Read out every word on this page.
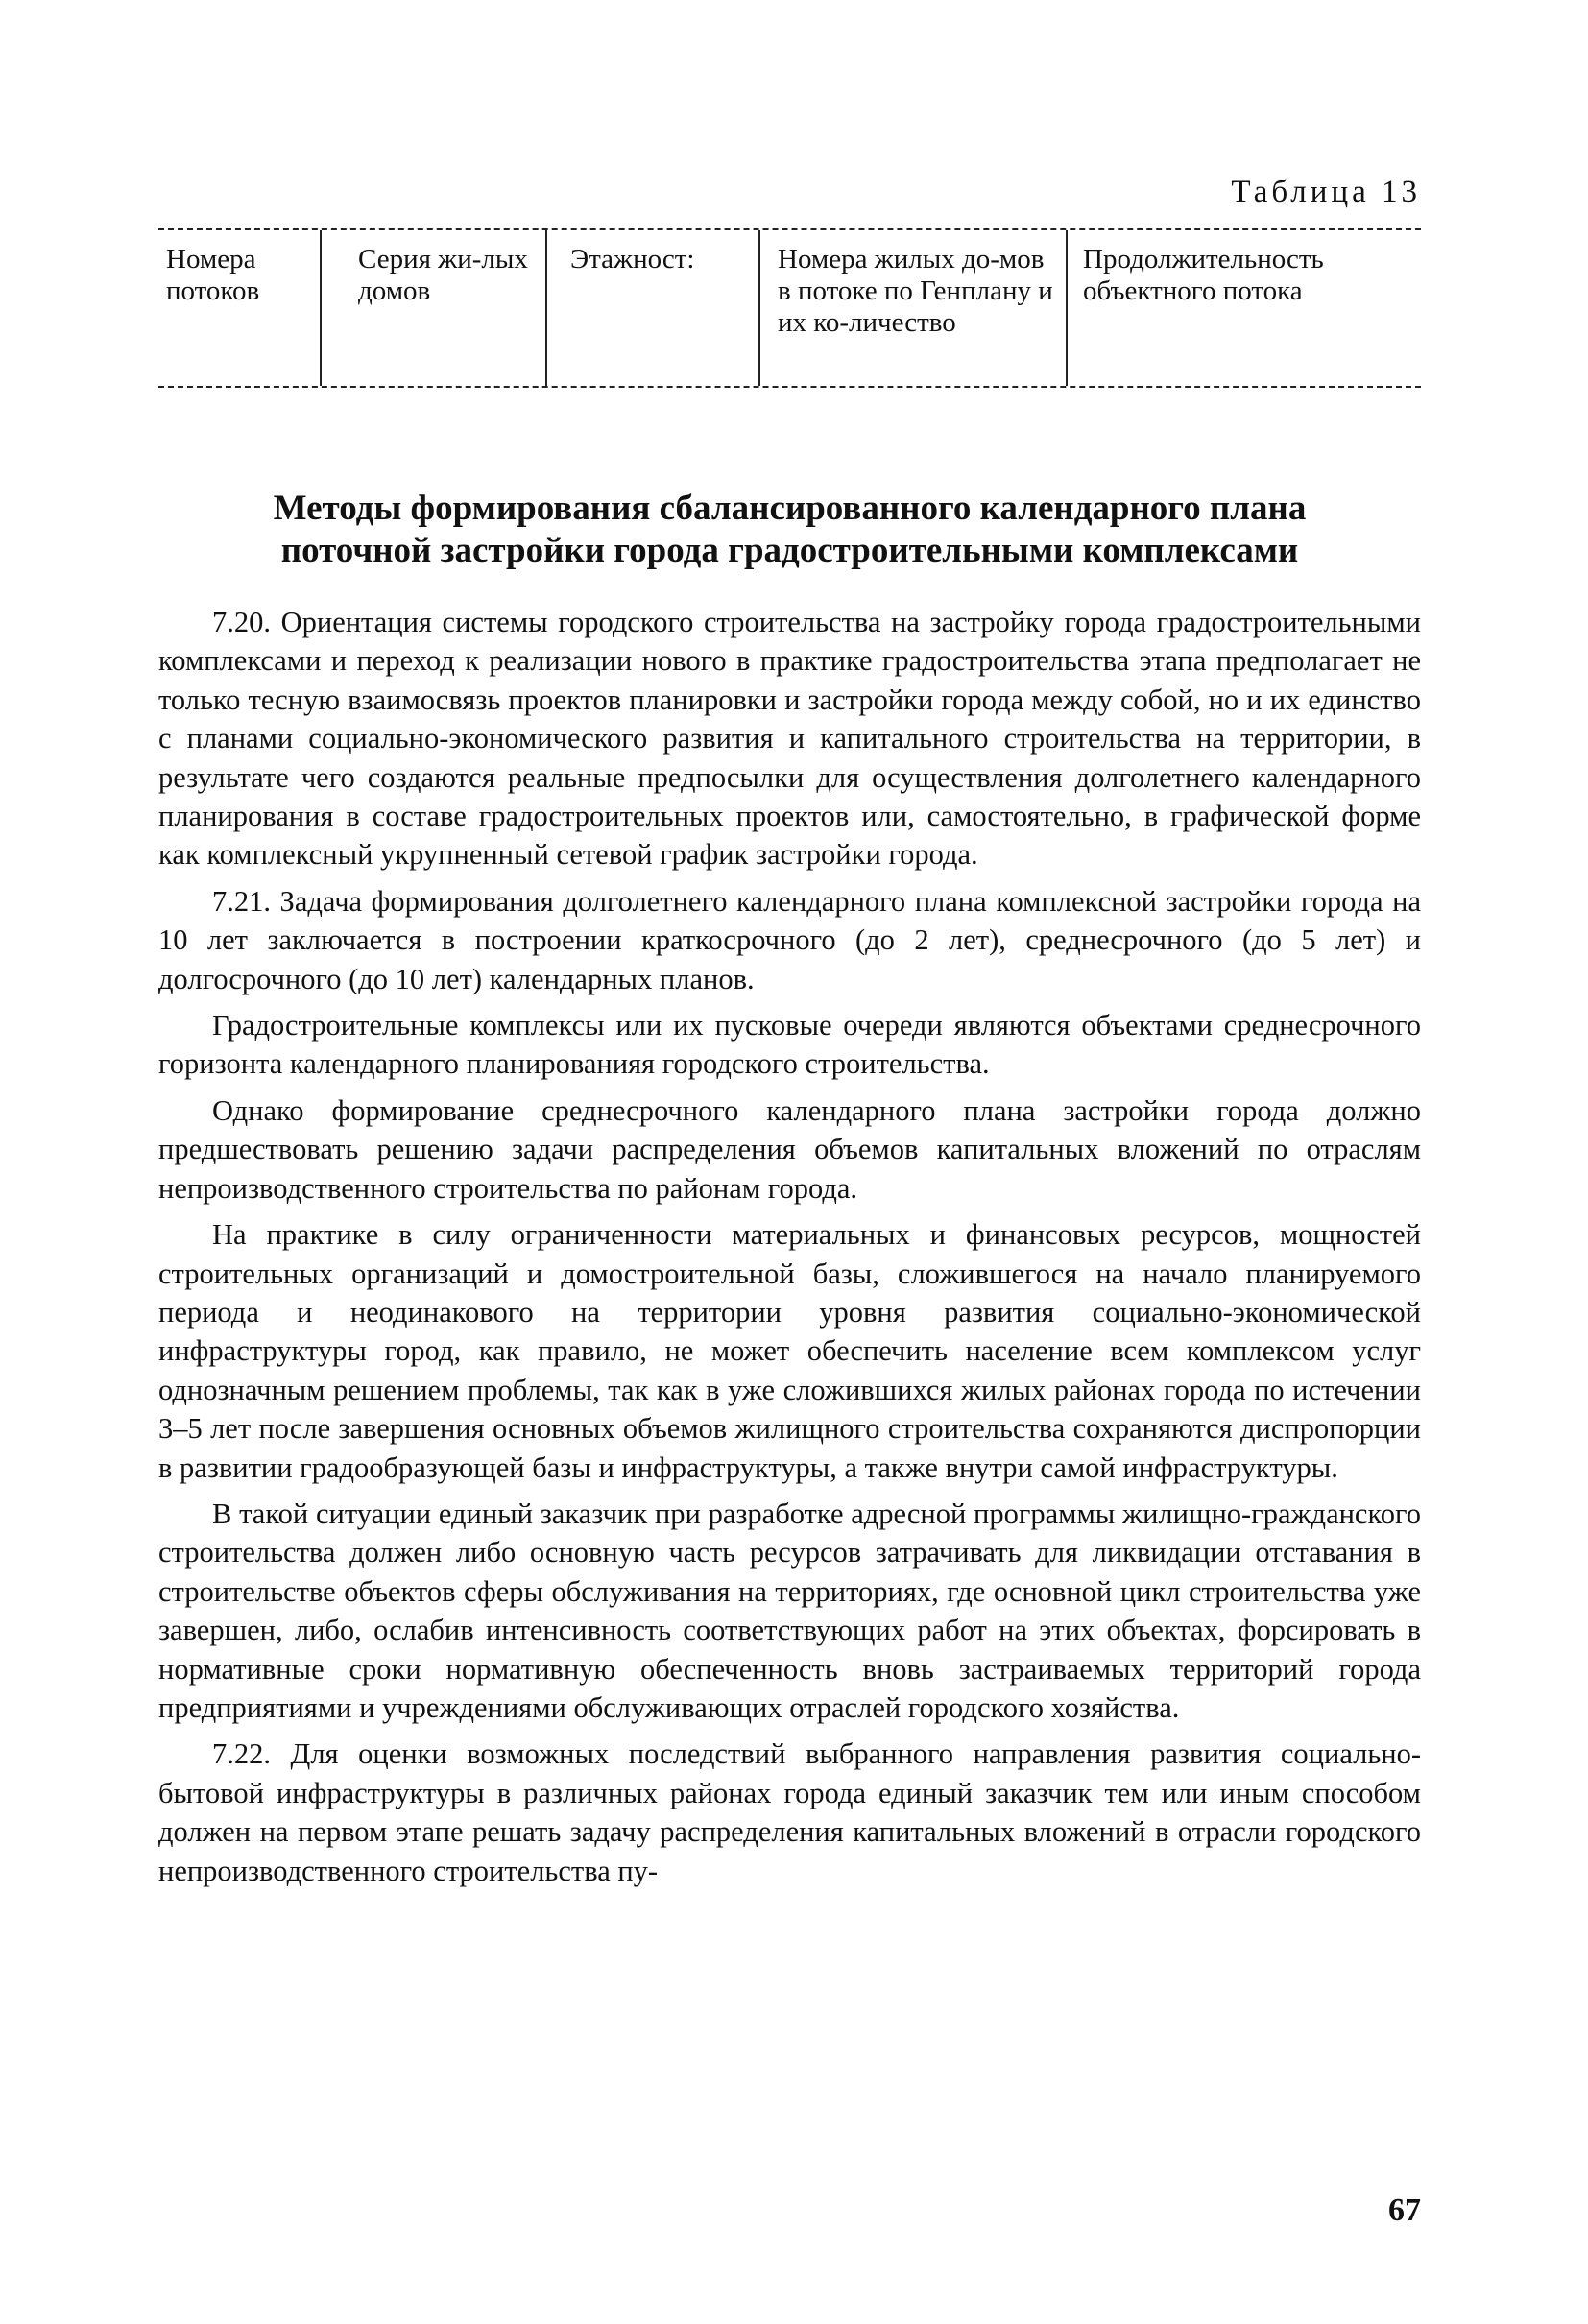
Таблица 13
Номера потоков
Серия жи-лых домов
Этажност:	Номера жилых до-мов в потоке по Генплану и их ко-личество
Продолжительность объектного потока
Методы формирования сбалансированного календарного плана
поточной застройки города градостроительными комплексами

7.20. Ориентация системы городского строительства на застройку города градостроительными комплексами и переход к реализации нового в практике градостроительства этапа предполагает не только тесную взаимосвязь проектов планировки и застройки города между собой, но и их единство с планами социально-экономического развития и капитального строительства на территории, в результате чего создаются реальные предпосылки для осуществления долголетнего календарного планирования в составе градостроительных проектов или, самостоятельно, в графической форме как комплексный укрупненный сетевой график застройки города.

7.21. Задача формирования долголетнего календарного плана комплексной застройки города на 10 лет заключается в построении краткосрочного (до 2 лет), среднесрочного (до 5 лет) и долгосрочного (до 10 лет) календарных планов.

Градостроительные комплексы или их пусковые очереди являются объектами среднесрочного горизонта календарного планированияя городского строительства.

Однако формирование среднесрочного календарного плана застройки города должно предшествовать решению задачи распределения объемов капитальных вложений по отраслям непроизводственного строительства по районам города.

На практике в силу ограниченности материальных и финансовых ресурсов, мощностей строительных организаций и домостроительной базы, сложившегося на начало планируемого периода и неодинакового на территории уровня развития социально-экономической инфраструктуры город, как правило, не может обеспечить население всем комплексом услуг однозначным решением проблемы, так как в уже сложившихся жилых районах города по истечении 3–5 лет после завершения основных объемов жилищного строительства сохраняются диспропорции в развитии градообразующей базы и инфраструктуры, а также внутри самой инфраструктуры.

В такой ситуации единый заказчик при разработке адресной программы жилищно-гражданского строительства должен либо основную часть ресурсов затрачивать для ликвидации отставания в строительстве объектов сферы обслуживания на территориях, где основной цикл строительства уже завершен, либо, ослабив интенсивность соответствующих работ на этих объектах, форсировать в нормативные сроки нормативную обеспеченность вновь застраиваемых территорий города предприятиями и учреждениями обслуживающих отраслей городского хозяйства.

7.22. Для оценки возможных последствий выбранного направления развития социально-бытовой инфраструктуры в различных районах города единый заказчик тем или иным способом должен на первом этапе решать задачу распределения капитальных вложений в отрасли городского непроизводственного строительства пу-

67
